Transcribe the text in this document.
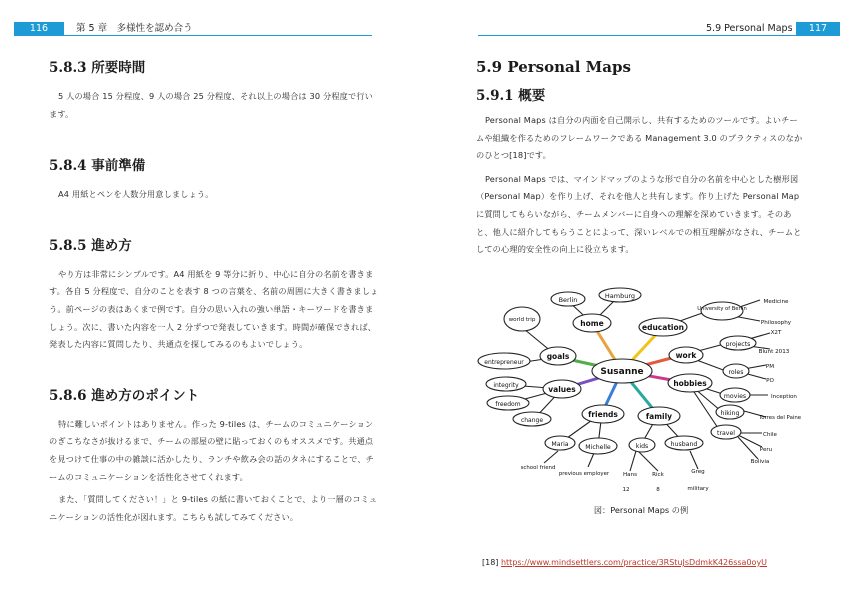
116	第 5 章　多様性を認め合う	5.9 Personal Maps	117
5.8.3 所要時間

5 人の場合 15 分程度、9 人の場合 25 分程度、それ以上の場合は 30 分程度で行います。

5.8.4 事前準備

A4 用紙とペンを人数分用意しましょう。

5.8.5 進め方

やり方は非常にシンプルです。A4 用紙を 9 等分に折り、中心に自分の名前を書きます。各自 5 分程度で、自分のことを表す 8 つの言葉を、名前の周囲に大きく書きましょう。前ページの表はあくまで例です。自分の思い入れの強い単語・キーワードを書きましょう。次に、書いた内容を一人 2 分ずつで発表していきます。時間が確保できれば、発表した内容に質問したり、共通点を探してみるのもよいでしょう。

5.8.6 進め方のポイント

特に難しいポイントはありません。作った 9-tiles は、チームのコミュニケーションのぎこちなさが抜けるまで、チームの部屋の壁に貼っておくのもオススメです。共通点を見つけて仕事の中の雑談に活かしたり、ランチや飲み会の話のタネにすることで、チームのコミュニケーションを活性化させてくれます。

また、「質問してください！」と 9-tiles の紙に書いておくことで、より一層のコミュニケーションの活性化が図れます。こちらも試してみてください。

5.9 Personal Maps
5.9.1 概要

Personal Maps は自分の内面を自己開示し、共有するためのツールです。よいチームや組織を作るためのフレームワークである Management 3.0 のプラクティスのなかのひとつ[18]です。

Personal Maps では、マインドマップのような形で自分の名前を中心とした樹形図（Personal Map）を作り上げ、それを他人と共有します。作り上げた Personal Map に質問してもらいながら、チームメンバーに自身への理解を深めていきます。そのあと、他人に紹介してもらうことによって、深いレベルでの相互理解がなされ、チームとしての心理的安全性の向上に役立ちます。

Susanne
home
Berlin	Hamburg
education
University of Berlin
Medicine
Philosophy
work
projects
X2T
Blunt 2013
roles
PM
PO
hobbies
movies	Inception
hiking
Torres del Paine
travel	Chile
Peru
Bolivia
family
kids	husband
Hans
12
Rick
8
Greg
military
friends
Maria	Michelle
school friend
previous employer
values
integrity
freedom
change
goals
world trip
entrepreneur
図：Personal Maps の例
[18] https://www.mindsettlers.com/practice/3RStuJsDdmkK426ssa0oyU
